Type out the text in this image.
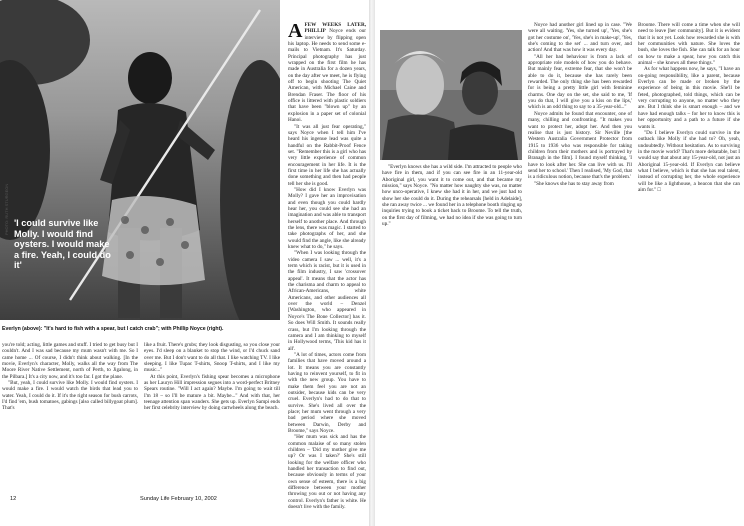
'I could survive like Molly. I would find oysters. I would make a fire. Yeah, I could do it'

AFEW WEEKS LATER, PHILLIP Noyce ends our interview by flipping open his laptop. He needs to send some e-mails to Vietnam. It's Saturday. Principal photography has just wrapped on the first film he has made in Australia for a dozen years, on the day after we meet, he is flying off to begin shooting The Quiet American, with Michael Caine and Brendan Fraser. The floor of his office is littered with plastic soldiers that have been "blown up" by an explosion in a paper set of colonial Hanoi.

"It was all just fear operating," says Noyce when I tell him I've heard his ingenue lead was quite a handful on the Rabbit-Proof Fence set. "Remember this is a girl who has very little experience of common encouragement in her life. It is the first time in her life she has actually done something and then had people tell her she is good.

"How did I know Everlyn was Molly? I gave her an improvisation and even though you could hardly hear her, you could see she had an imagination and was able to transport herself to another place. And through the lens, there was magic. I started to take photographs of her, and she would find the angle, like she already knew what to do," he says.

"When I was looking through the video camera I saw ... well, it's a term which is racist, but it is used in the film industry, I saw 'crossover appeal'. It means that the actor has the charisma and charm to appeal to African-Americans, white Americans, and other audiences all over the world – Denzel [Washington, who appeared in Noyce's The Bone Collector] has it. So does Will Smith. It sounds really crass, but I'm looking through the camera and I am thinking to myself in Hollywood terms, 'This kid has it all'.

"A lot of times, actors come from families that have moved around a lot. It means you are constantly having to reinvent yourself, to fit in with the new group. You have to make them feel you are not an outsider, because kids can be very cruel. Everlyn's had to do that to survive. She's lived all over the place; her mum went through a very bad period where she moved between Darwin, Derby and Broome," says Noyce.

"Her mum was sick and has the common malaise of so many stolen children – 'Did my mother give me up? Or was I taken?' She's still looking for the welfare officer who handled her transaction to find out, because obviously in terms of your own sense of esteem, there is a big difference between your mother throwing you out or not having any control. Everlyn's father is white. He doesn't live with the family.

Everlyn (above): "It's hard to fish with a spear, but I catch crab"; with Phillip Noyce (right).

you're told; acting, little games and stuff. I tried to get busy but I couldn't. And I was sad because my mum wasn't with me. So I came home ... Of course, I didn't think about walking. [In the movie, Everlyn's character, Molly, walks all the way from The Moore River Native Settlement, north of Perth, to Jigalong, in the Pilbara.] It's a city now, and it's too far. I got the plane.

"But, yeah, I could survive like Molly. I would find oysters. I would make a fire. I would watch the birds that lead you to water. Yeah, I could do it. If it's the right season for bush carrots, I'd find 'em, bush tomatoes, gabings [also called billygoat plum]. That's

like a fruit. There's grubs; they look disgusting, so you close your eyes. I'd sleep on a blanket to stop the wind, or I'd chuck sand over me. But I don't want to do all that. I like watching TV. I like sleeping. I like Tupac T-shirts, Snoop T-shirts, and I like my music..."

At this point, Everlyn's fishing spear becomes a microphone as her Lauryn Hill impression segues into a word-perfect Britney Spears routine. "Will I act again? Maybe. I'm going to wait till I'm 18 – so I'll be mature a bit. Maybe..." And with that, her teenage attention span wanders. She gets up. Everlyn Sampi ends her first celebrity interview by doing cartwheels along the beach.

12	Sunday Life February 10, 2002

"Everlyn knows she has a wild side. I'm attracted to people who have fire in them, and if you can see fire in an 11-year-old Aboriginal girl, you want it to come out, and that became my mission," says Noyce. "No matter how naughty she was, no matter how unco-operative, I knew she had it in her, and we just had to show her she could do it. During the rehearsals [held in Adelaide], she ran away twice ... we found her in a telephone booth ringing up inquiries trying to book a ticket back to Broome. To tell the truth, on the first day of filming, we had no idea if she was going to turn up."

Noyce had another girl lined up in case. "We were all waiting. 'Yes, she turned up', 'Yes, she's got her costume on', 'Yes, she's in make-up', 'Yes, she's coming to the set' ... and turn over, and action! And that was how it was every day.

"All her bad behaviour is from a lack of appropriate role models of how you do behave. But mainly fear, extreme fear, that she won't be able to do it, because she has rarely been rewarded. The only thing she has been rewarded for is being a pretty little girl with feminine charms. One day on the set, she said to me, 'If you do that, I will give you a kiss on the lips,' which is an odd thing to say to a 35-year-old..."

Noyce admits he found that encounter, one of many, chilling and confronting. "It makes you want to protect her, adopt her. And then you realise that is just history. Sir Neville [the Western Australia Government Protector from 1915 to 1936 who was responsible for taking children from their mothers and is portrayed by Branagh in the film]. I found myself thinking, 'I have to look after her. She can live with us. I'll send her to school.' Then I realised, 'My God, that is a ridiculous notion, because that's the problem.'

"She knows she has to stay away from

Broome. There will come a time when she will need to leave [her community]. But it is evident that it is not yet. Look how rewarded she is with her communities with nature. She loves the bush, she loves the fish. She can talk for an hour on how to make a spear, how you catch this animal – she knows all these things."

As for what happens now, he says, "I have an on-going responsibility, like a parent, because Everlyn can be made or broken by the experience of being in this movie. She'll be feted, photographed, told things, which can be very corrupting to anyone, no matter who they are. But I think she is smart enough – and we have had enough talks – for her to know this is her opportunity and a path to a future if she wants it.

"Do I believe Everlyn could survive in the outback like Molly if she had to? Oh, yeah, undoubtedly. Without hesitation. As to surviving in the movie world? That's more debatable, but I would say that about any 15-year-old, not just an Aboriginal 15-year-old. If Everlyn can believe what I believe, which is that she has real talent, instead of corrupting her, the whole experience will be like a lighthouse, a beacon that she can aim for." □
